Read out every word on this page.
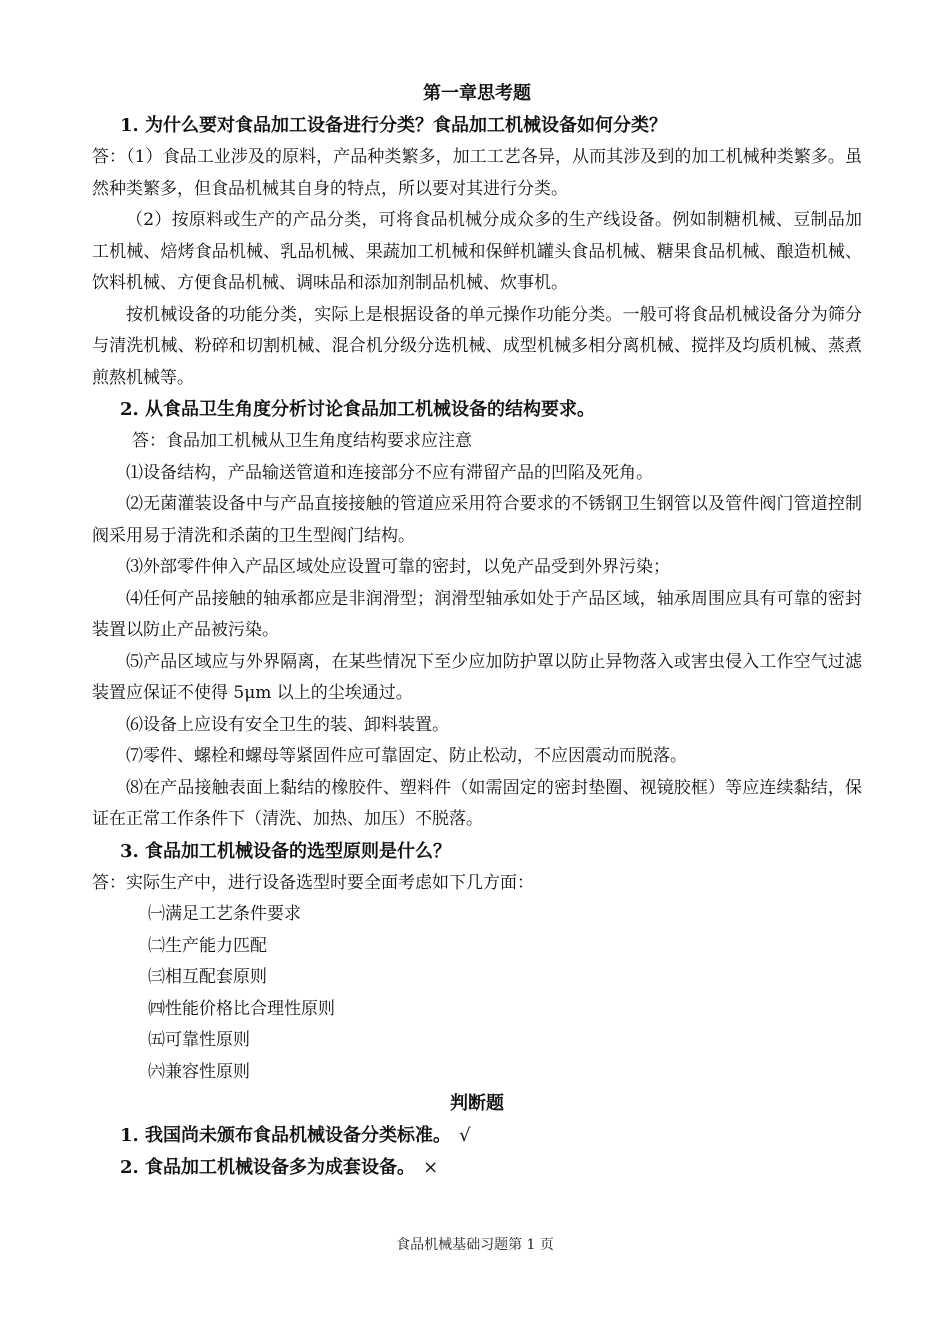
第一章思考题
1. 为什么要对食品加工设备进行分类？食品加工机械设备如何分类？
答：（1）食品工业涉及的原料，产品种类繁多，加工工艺各异，从而其涉及到的加工机械种类繁多。虽然种类繁多，但食品机械其自身的特点，所以要对其进行分类。
（2）按原料或生产的产品分类，可将食品机械分成众多的生产线设备。例如制糖机械、豆制品加工机械、焙烤食品机械、乳品机械、果蔬加工机械和保鲜机罐头食品机械、糖果食品机械、酿造机械、饮料机械、方便食品机械、调味品和添加剂制品机械、炊事机。
按机械设备的功能分类，实际上是根据设备的单元操作功能分类。一般可将食品机械设备分为筛分与清洗机械、粉碎和切割机械、混合机分级分选机械、成型机械多相分离机械、搅拌及均质机械、蒸煮煎熬机械等。
2. 从食品卫生角度分析讨论食品加工机械设备的结构要求。
答：食品加工机械从卫生角度结构要求应注意
⑴设备结构，产品输送管道和连接部分不应有滞留产品的凹陷及死角。
⑵无菌灌装设备中与产品直接接触的管道应采用符合要求的不锈钢卫生钢管以及管件阀门管道控制阀采用易于清洗和杀菌的卫生型阀门结构。
⑶外部零件伸入产品区域处应设置可靠的密封，以免产品受到外界污染；
⑷任何产品接触的轴承都应是非润滑型；润滑型轴承如处于产品区域，轴承周围应具有可靠的密封装置以防止产品被污染。
⑸产品区域应与外界隔离，在某些情况下至少应加防护罩以防止异物落入或害虫侵入工作空气过滤装置应保证不使得 5μm 以上的尘埃通过。
⑹设备上应设有安全卫生的装、卸料装置。
⑺零件、螺栓和螺母等紧固件应可靠固定、防止松动，不应因震动而脱落。
⑻在产品接触表面上黏结的橡胶件、塑料件（如需固定的密封垫圈、视镜胶框）等应连续黏结，保证在正常工作条件下（清洗、加热、加压）不脱落。
3. 食品加工机械设备的选型原则是什么？
答：实际生产中，进行设备选型时要全面考虑如下几方面：
㈠满足工艺条件要求
㈡生产能力匹配
㈢相互配套原则
㈣性能价格比合理性原则
㈤可靠性原则
㈥兼容性原则
判断题
1. 我国尚未颁布食品机械设备分类标准。 √
2. 食品加工机械设备多为成套设备。 ×
食品机械基础习题第 1 页
